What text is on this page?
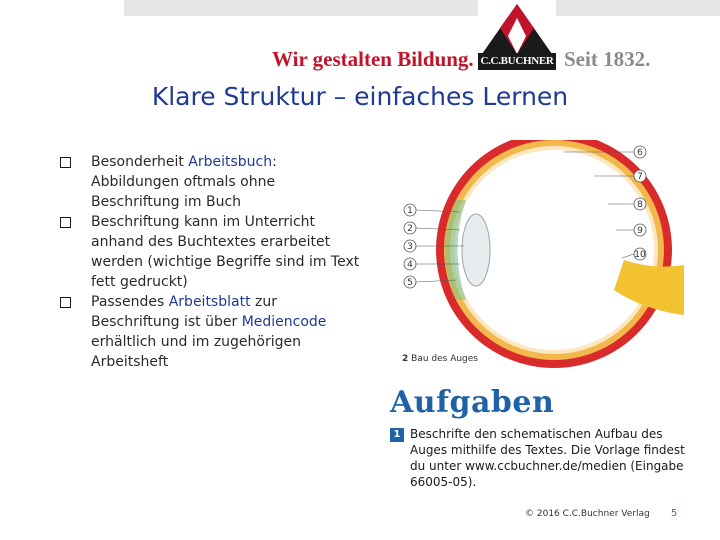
Wir gestalten Bildung. C.C.BUCHNER Seit 1832.
Klare Struktur – einfaches Lernen
Besonderheit Arbeitsbuch: Abbildungen oftmals ohne Beschriftung im Buch
Beschriftung kann im Unterricht anhand des Buchtextes erarbeitet werden (wichtige Begriffe sind im Text fett gedruckt)
Passendes Arbeitsblatt zur Beschriftung ist über Mediencode erhältlich und im zugehörigen Arbeitsheft
1
2
3
4
5
6
7
8
9
10
2 Bau des Auges
Aufgaben
1 Beschrifte den schematischen Aufbau des Auges mithilfe des Textes. Die Vorlage findest du unter www.ccbuchner.de/medien (Eingabe 66005-05).
© 2016 C.C.Buchner Verlag 5
